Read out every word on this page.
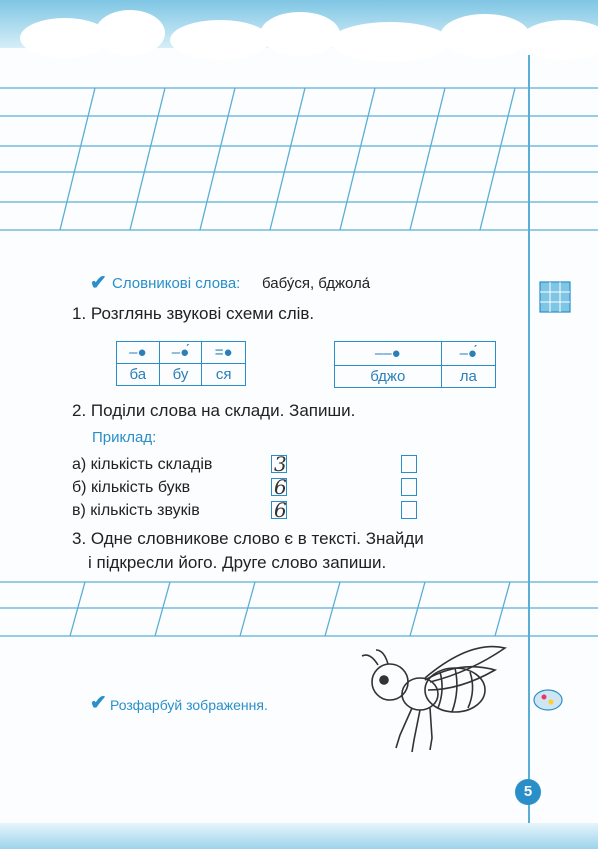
✔ Словникові слова: бабу́ся, бджола́
1. Розглянь звукові схеми слів.
–●	–●́	=●
ба	бу	ся
––●	–●́
бджо	ла
2. Поділи слова на склади. Запиши.
Приклад:
а) кількість складів	3
б) кількість букв	6
в) кількість звуків	6
3. Одне словникове слово є в тексті. Знайди
і підкресли його. Друге слово запиши.
✔ Розфарбуй зображення.
5
